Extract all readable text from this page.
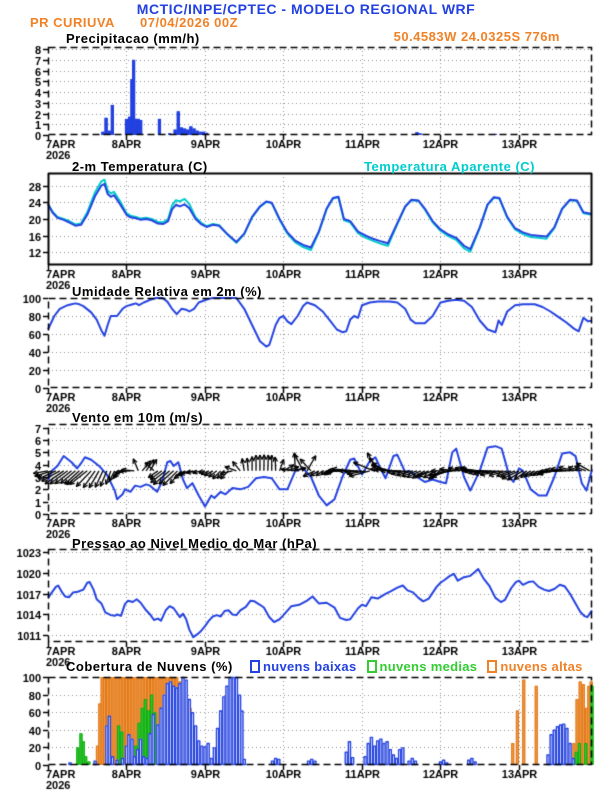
Precipitacao (mm/h)
2-m Temperatura (C)	Temperatura Aparente (C)
Umidade Relativa em 2m (%)
Vento em 10m (m/s)
Pressao ao Nivel Medio do Mar (hPa)
Cobertura de Nuvens (%) nuvens baixas nuvens medias nuvens altas
